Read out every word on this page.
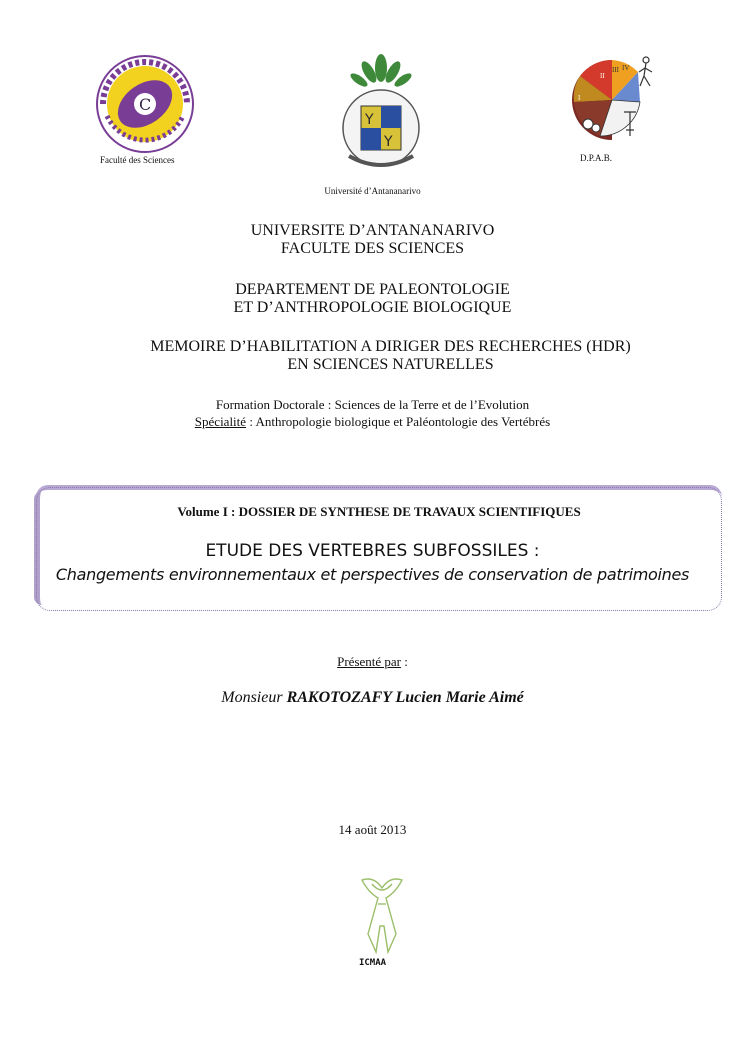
C
Y
Y
I
II
III IV
Faculté des Sciences	D.P.A.B.
Université d’Antananarivo
UNIVERSITE D’ANTANANARIVO
FACULTE DES SCIENCES
DEPARTEMENT DE PALEONTOLOGIE
ET D’ANTHROPOLOGIE BIOLOGIQUE
MEMOIRE D’HABILITATION A DIRIGER DES RECHERCHES (HDR)
EN SCIENCES NATURELLES
Formation Doctorale : Sciences de la Terre et de l’Evolution
Spécialité : Anthropologie biologique et Paléontologie des Vertébrés
Volume I : DOSSIER DE SYNTHESE DE TRAVAUX SCIENTIFIQUES
ETUDE DES VERTEBRES SUBFOSSILES :
Changements environnementaux et perspectives de conservation de patrimoines
Présenté par :
Monsieur RAKOTOZAFY Lucien Marie Aimé
14 août 2013
ICMAA
